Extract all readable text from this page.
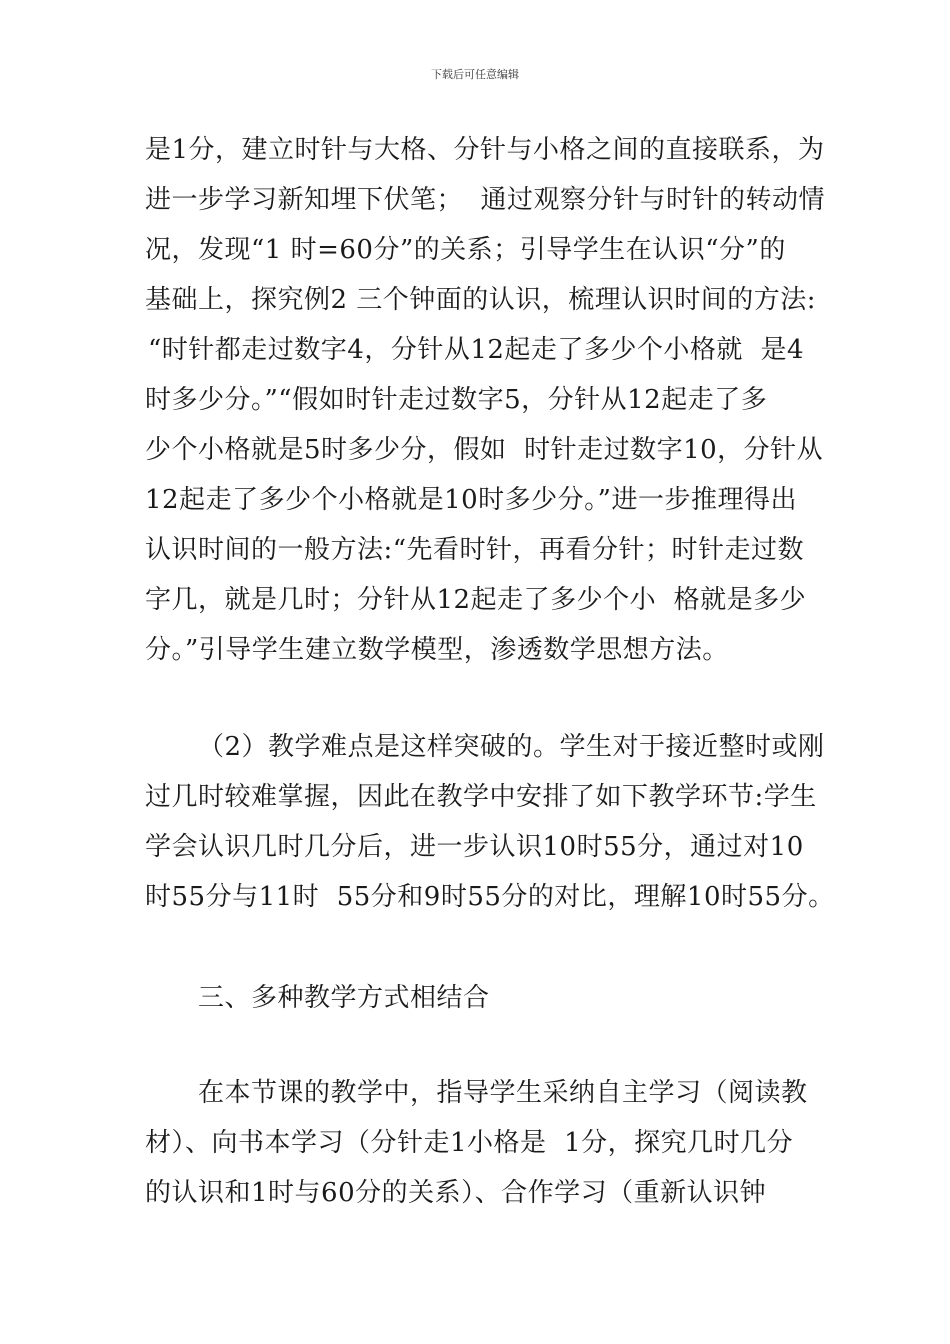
下载后可任意编辑
是1分，建立时针与大格、分针与小格之间的直接联系，为
进一步学习新知埋下伏笔；  通过观察分针与时针的转动情
况，发现“1 时=60分”的关系；引导学生在认识“分”的
基础上，探究例2 三个钟面的认识，梳理认识时间的方法:
“时针都走过数字4，分针从12起走了多少个小格就  是4
时多少分。”“假如时针走过数字5，分针从12起走了多
少个小格就是5时多少分，假如  时针走过数字10，分针从
12起走了多少个小格就是10时多少分。”进一步推理得出
认识时间的一般方法:“先看时针，再看分针；时针走过数
字几，就是几时；分针从12起走了多少个小  格就是多少
分。”引导学生建立数学模型，渗透数学思想方法。
（2）教学难点是这样突破的。学生对于接近整时或刚
过几时较难掌握，因此在教学中安排了如下教学环节:学生
学会认识几时几分后，进一步认识10时55分，通过对10
时55分与11时  55分和9时55分的对比，理解10时55分。
三、多种教学方式相结合
在本节课的教学中，指导学生采纳自主学习（阅读教
材）、向书本学习（分针走1小格是  1分，探究几时几分
的认识和1时与60分的关系）、合作学习（重新认识钟
